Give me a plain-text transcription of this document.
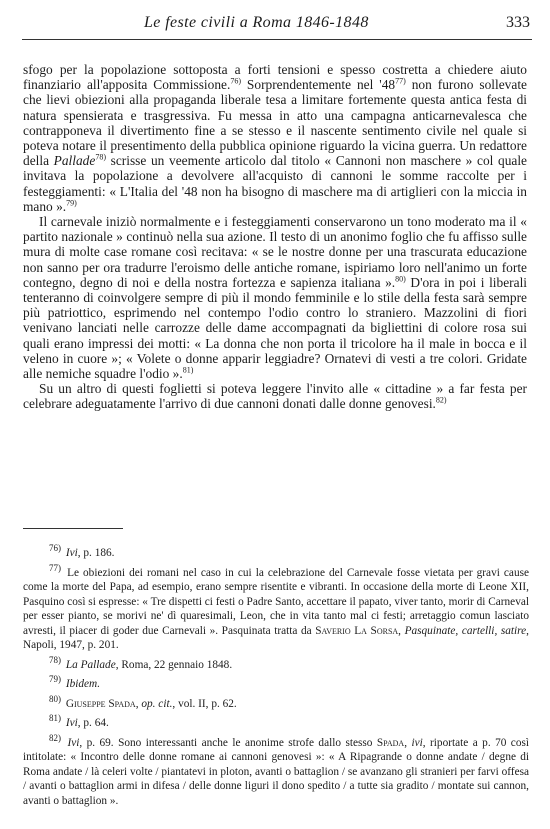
Le feste civili a Roma 1846-1848	333

sfogo per la popolazione sottoposta a forti tensioni e spesso costretta a chiedere aiuto finanziario all'apposita Commissione.$^{76)}$ Sorprendentemente nel '48$^{77)}$ non furono sollevate che lievi obiezioni alla propaganda liberale tesa a limitare fortemente questa antica festa di natura spensierata e trasgressiva. Fu messa in atto una campagna anticarnevalesca che contrapponeva il divertimento fine a se stesso e il nascente sentimento civile nel quale si poteva notare il presentimento della pubblica opinione riguardo la vicina guerra. Un redattore della Pallade$^{78)}$ scrisse un veemente articolo dal titolo « Cannoni non maschere » col quale invitava la popolazione a devolvere all'acquisto di cannoni le somme raccolte per i festeggiamenti: « L'Italia del '48 non ha bisogno di maschere ma di artiglieri con la miccia in mano ».$^{79)}$

Il carnevale iniziò normalmente e i festeggiamenti conservarono un tono moderato ma il « partito nazionale » continuò nella sua azione. Il testo di un anonimo foglio che fu affisso sulle mura di molte case romane così recitava: « se le nostre donne per una trascurata educazione non sanno per ora tradurre l'eroismo delle antiche romane, ispiriamo loro nell'animo un forte contegno, degno di noi e della nostra fortezza e sapienza italiana ».$^{80)}$ D'ora in poi i liberali tenteranno di coinvolgere sempre di più il mondo femminile e lo stile della festa sarà sempre più patriottico, esprimendo nel contempo l'odio contro lo straniero. Mazzolini di fiori venivano lanciati nelle carrozze delle dame accompagnati da bigliettini di colore rosa sui quali erano impressi dei motti: « La donna che non porta il tricolore ha il male in bocca e il veleno in cuore »; « Volete o donne apparir leggiadre? Ornatevi di vesti a tre colori. Gridate alle nemiche squadre l'odio ».$^{81)}$

Su un altro di questi foglietti si poteva leggere l'invito alle « cittadine » a far festa per celebrare adeguatamente l'arrivo di due cannoni donati dalle donne genovesi.$^{82)}$

$^{76)}$ Ivi, p. 186.

$^{77)}$ Le obiezioni dei romani nel caso in cui la celebrazione del Carnevale fosse vietata per gravi cause come la morte del Papa, ad esempio, erano sempre risentite e vibranti. In occasione della morte di Leone XII, Pasquino così si espresse: « Tre dispetti ci festi o Padre Santo, accettare il papato, viver tanto, morir di Carneval per esser pianto, se morivi ne' dì quaresimali, Leon, che in vita tanto mal ci festi; arretaggio comun lasciato avresti, il piacer di goder due Carnevali ». Pasquinata tratta da Saverio La Sorsa, Pasquinate, cartelli, satire, Napoli, 1947, p. 201.

$^{78)}$ La Pallade, Roma, 22 gennaio 1848.

$^{79)}$ Ibidem.

$^{80)}$ Giuseppe Spada, op. cit., vol. II, p. 62.

$^{81)}$ Ivi, p. 64.

$^{82)}$ Ivi, p. 69. Sono interessanti anche le anonime strofe dallo stesso Spada, ivi, riportate a p. 70 così intitolate: « Incontro delle donne romane ai cannoni genovesi »: « A Ripagrande o donne andate / degne di Roma andate / là celeri volte / piantatevi in ploton, avanti o battaglion / se avanzano gli stranieri per farvi offesa / avanti o battaglion armi in difesa / delle donne liguri il dono spedito / a tutte sia gradito / montate sui cannon, avanti o battaglion ».
